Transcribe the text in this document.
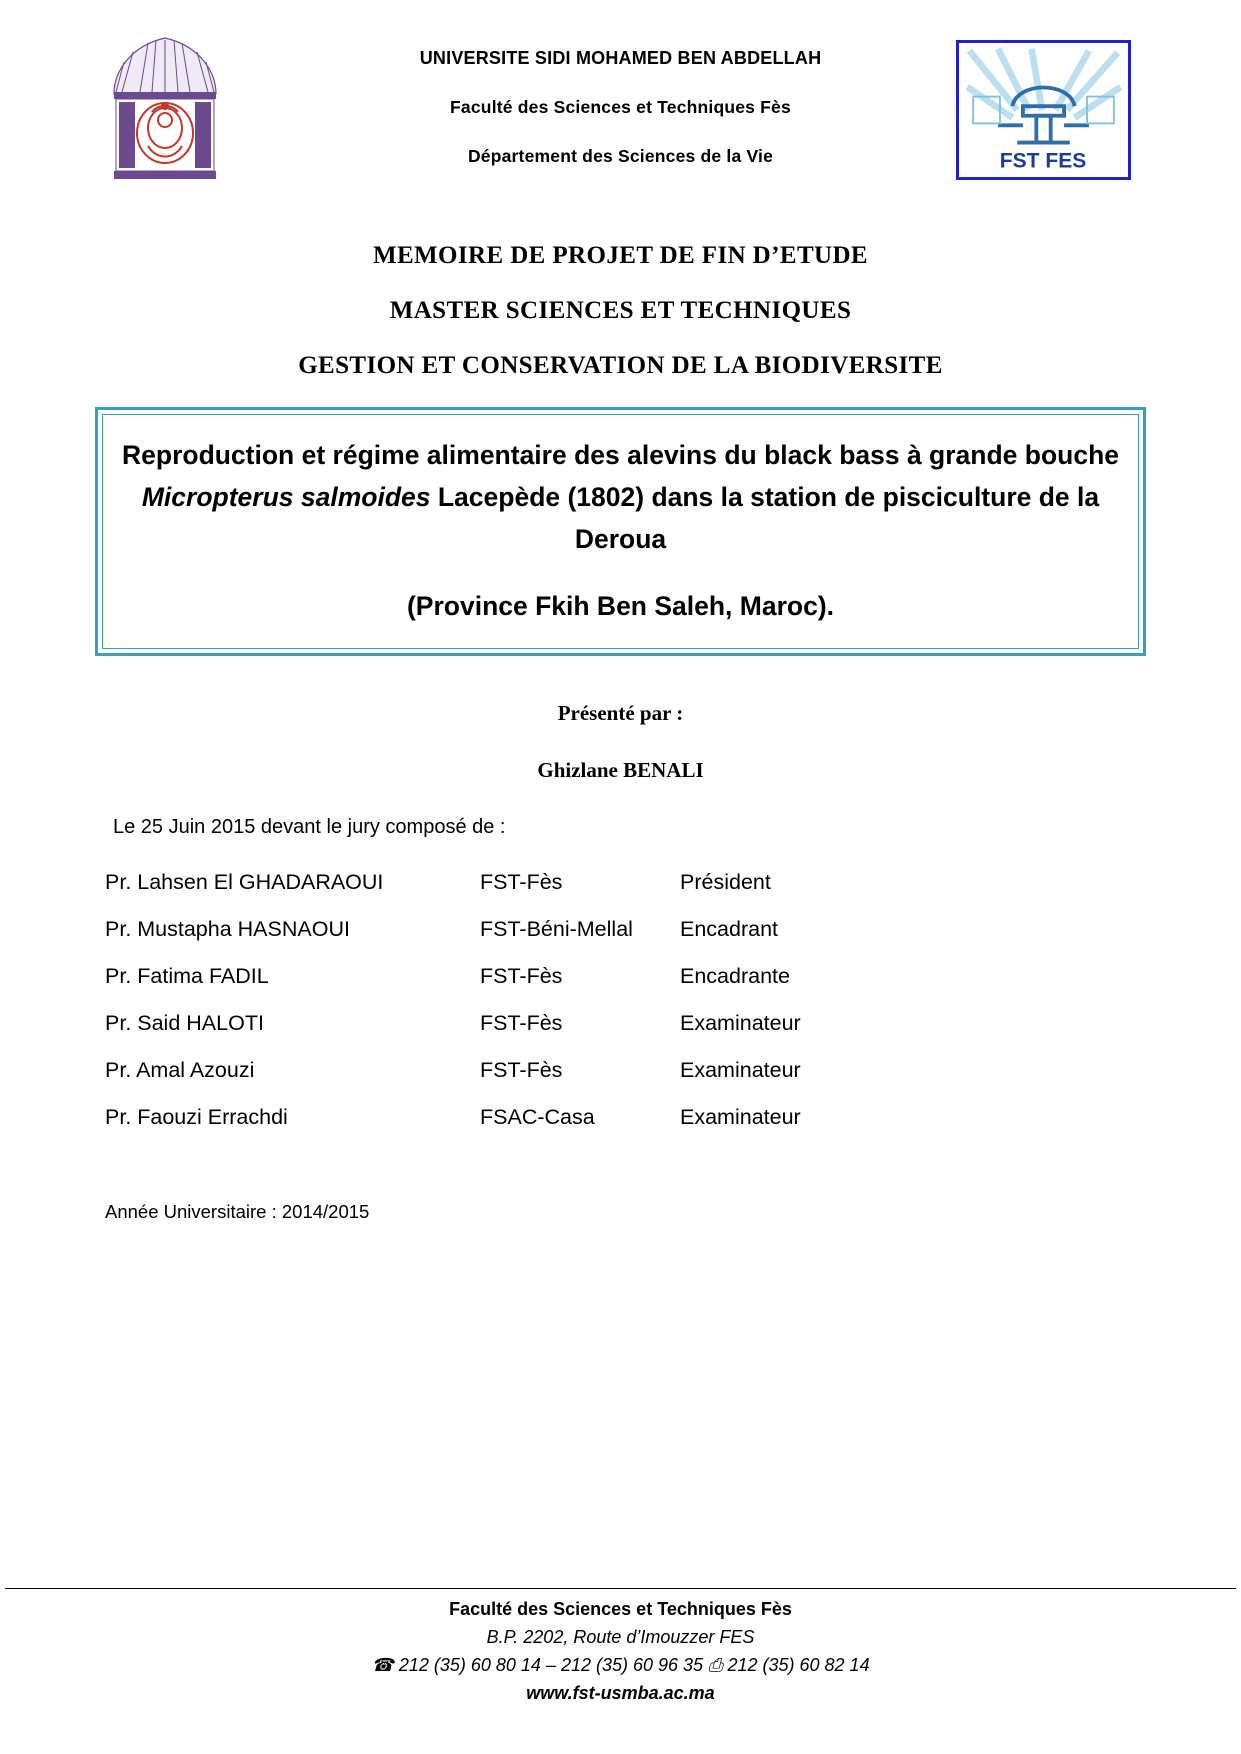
UNIVERSITE SIDI MOHAMED BEN ABDELLAH
Faculté des Sciences et Techniques Fès
Département des Sciences de la Vie	FST FES
MEMOIRE DE PROJET DE FIN D’ETUDE
MASTER SCIENCES ET TECHNIQUES
GESTION ET CONSERVATION DE LA BIODIVERSITE
Reproduction et régime alimentaire des alevins du black bass à grande bouche Micropterus salmoides Lacepède (1802) dans la station de pisciculture de la Deroua
(Province Fkih Ben Saleh, Maroc).
Présenté par :
Ghizlane BENALI
Le 25 Juin 2015 devant le jury composé de :
Pr. Lahsen El GHADARAOUI	FST-Fès	Président
Pr. Mustapha HASNAOUI	FST-Béni-Mellal	Encadrant
Pr. Fatima FADIL	FST-Fès	Encadrante
Pr. Said HALOTI	FST-Fès	Examinateur
Pr. Amal Azouzi	FST-Fès	Examinateur
Pr. Faouzi Errachdi	FSAC-Casa	Examinateur
Année Universitaire : 2014/2015
Faculté des Sciences et Techniques Fès
B.P. 2202, Route d’Imouzzer FES
☎ 212 (35) 60 80 14 – 212 (35) 60 96 35 ⎙ 212 (35) 60 82 14
www.fst-usmba.ac.ma
